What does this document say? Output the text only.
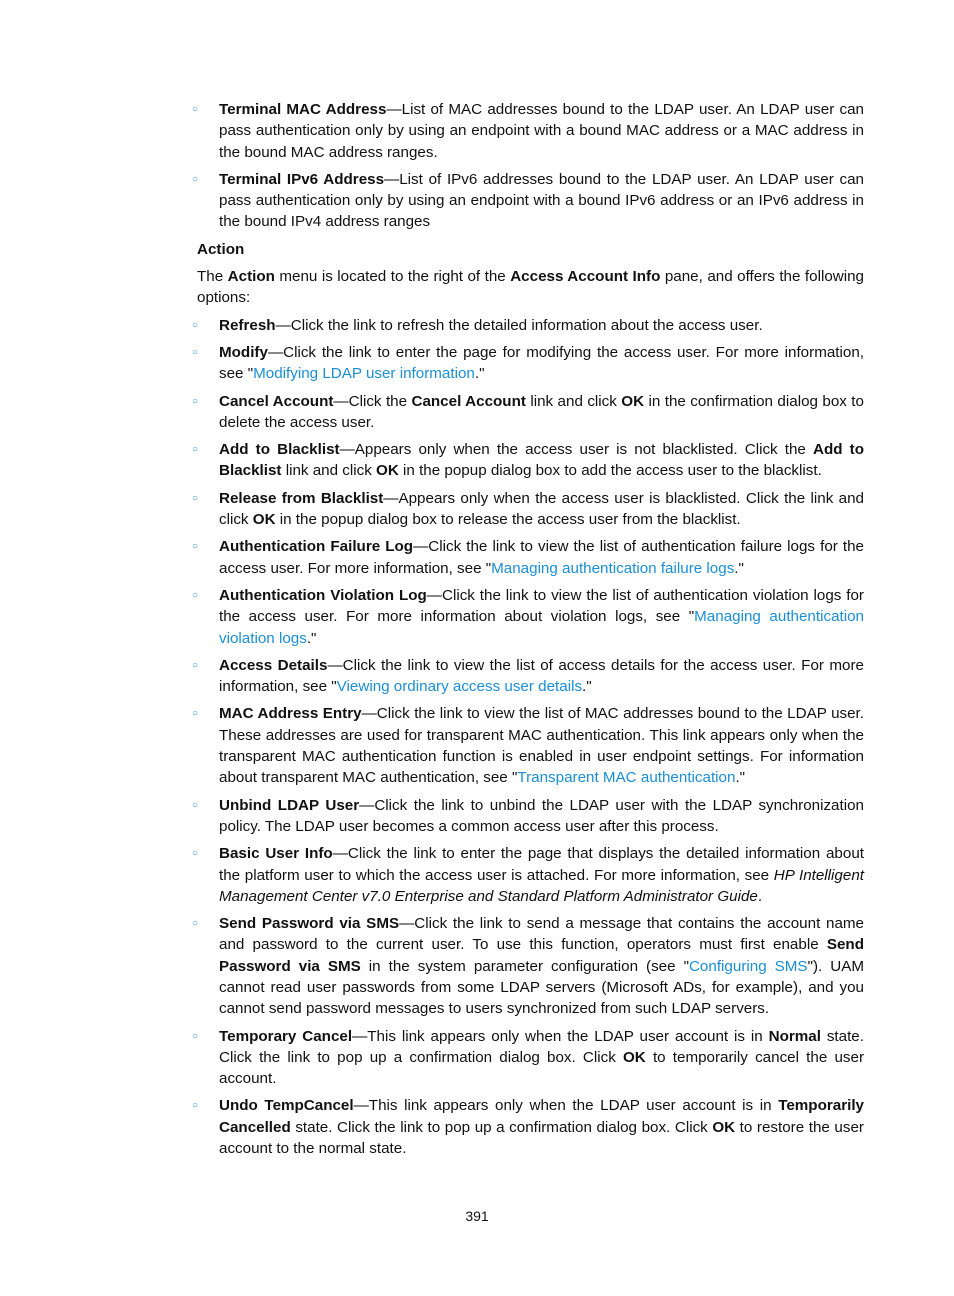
○ Terminal MAC Address—List of MAC addresses bound to the LDAP user. An LDAP user can pass authentication only by using an endpoint with a bound MAC address or a MAC address in the bound MAC address ranges.

○ Terminal IPv6 Address—List of IPv6 addresses bound to the LDAP user. An LDAP user can pass authentication only by using an endpoint with a bound IPv6 address or an IPv6 address in the bound IPv4 address ranges

Action

The Action menu is located to the right of the Access Account Info pane, and offers the following options:

○ Refresh—Click the link to refresh the detailed information about the access user.

○ Modify—Click the link to enter the page for modifying the access user. For more information, see "Modifying LDAP user information."

○ Cancel Account—Click the Cancel Account link and click OK in the confirmation dialog box to delete the access user.

○ Add to Blacklist—Appears only when the access user is not blacklisted. Click the Add to Blacklist link and click OK in the popup dialog box to add the access user to the blacklist.

○ Release from Blacklist—Appears only when the access user is blacklisted. Click the link and click OK in the popup dialog box to release the access user from the blacklist.

○ Authentication Failure Log—Click the link to view the list of authentication failure logs for the access user. For more information, see "Managing authentication failure logs."

○ Authentication Violation Log—Click the link to view the list of authentication violation logs for the access user. For more information about violation logs, see "Managing authentication violation logs."

○ Access Details—Click the link to view the list of access details for the access user. For more information, see "Viewing ordinary access user details."

○ MAC Address Entry—Click the link to view the list of MAC addresses bound to the LDAP user. These addresses are used for transparent MAC authentication. This link appears only when the transparent MAC authentication function is enabled in user endpoint settings. For information about transparent MAC authentication, see "Transparent MAC authentication."

○ Unbind LDAP User—Click the link to unbind the LDAP user with the LDAP synchronization policy. The LDAP user becomes a common access user after this process.

○ Basic User Info—Click the link to enter the page that displays the detailed information about the platform user to which the access user is attached. For more information, see HP Intelligent Management Center v7.0 Enterprise and Standard Platform Administrator Guide.

○ Send Password via SMS—Click the link to send a message that contains the account name and password to the current user. To use this function, operators must first enable Send Password via SMS in the system parameter configuration (see "Configuring SMS"). UAM cannot read user passwords from some LDAP servers (Microsoft ADs, for example), and you cannot send password messages to users synchronized from such LDAP servers.

○ Temporary Cancel—This link appears only when the LDAP user account is in Normal state. Click the link to pop up a confirmation dialog box. Click OK to temporarily cancel the user account.

○ Undo TempCancel—This link appears only when the LDAP user account is in Temporarily Cancelled state. Click the link to pop up a confirmation dialog box. Click OK to restore the user account to the normal state.

391
